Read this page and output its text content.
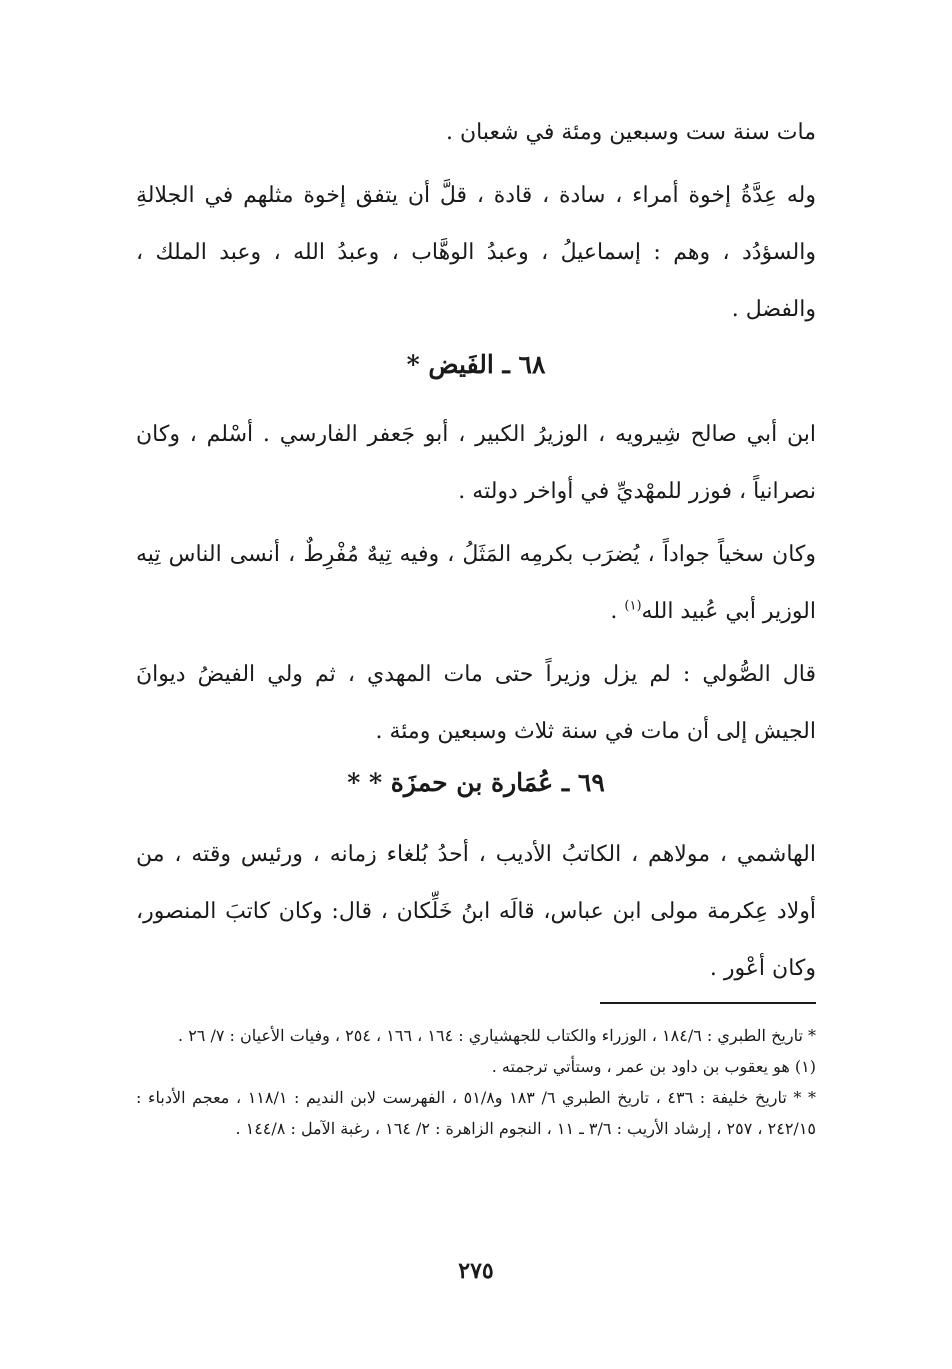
مات سنة ست وسبعين ومئة في شعبان .

وله عِدَّةُ إخوة أمراء ، سادة ، قادة ، قلَّ أن يتفق إخوة مثلهم في الجلالةِ والسؤدُد ، وهم : إسماعيلُ ، وعبدُ الوهَّاب ، وعبدُ الله ، وعبد الملك ، والفضل .

٦٨ ـ الفَيض *

ابن أبي صالح شِيرويه ، الوزيرُ الكبير ، أبو جَعفر الفارسي . أسْلم ، وكان نصرانياً ، فوزر للمهْديِّ في أواخر دولته .

وكان سخياً جواداً ، يُضرَب بكرمِه المَثَلُ ، وفيه تِيهٌ مُفْرِطٌ ، أنسى الناس تِيه الوزير أبي عُبيد الله$^{(١)}$ .

قال الصُّولي : لم يزل وزيراً حتى مات المهدي ، ثم ولي الفيضُ ديوانَ الجيش إلى أن مات في سنة ثلاث وسبعين ومئة .

٦٩ ـ عُمَارة بن حمزَة * *

الهاشمي ، مولاهم ، الكاتبُ الأديب ، أحدُ بُلغاء زمانه ، ورئيس وقته ، من أولاد عِكرمة مولى ابن عباس، قالَه ابنُ خَلِّكان ، قال: وكان كاتبَ المنصور، وكان أعْور .

* تاريخ الطبري : ١٨٤/٦ ، الوزراء والكتاب للجهشياري : ١٦٤ ، ١٦٦ ، ٢٥٤ ، وفيات الأعيان : ٧/ ٢٦ .

(١) هو يعقوب بن داود بن عمر ، وستأتي ترجمته .

* * تاريخ خليفة : ٤٣٦ ، تاريخ الطبري ٦/ ١٨٣ و٥١/٨ ، الفهرست لابن النديم : ١١٨/١ ، معجم الأدباء : ٢٤٢/١٥ ، ٢٥٧ ، إرشاد الأريب : ٣/٦ ـ ١١ ، النجوم الزاهرة : ٢/ ١٦٤ ، رغبة الآمل : ١٤٤/٨ .

٢٧٥
